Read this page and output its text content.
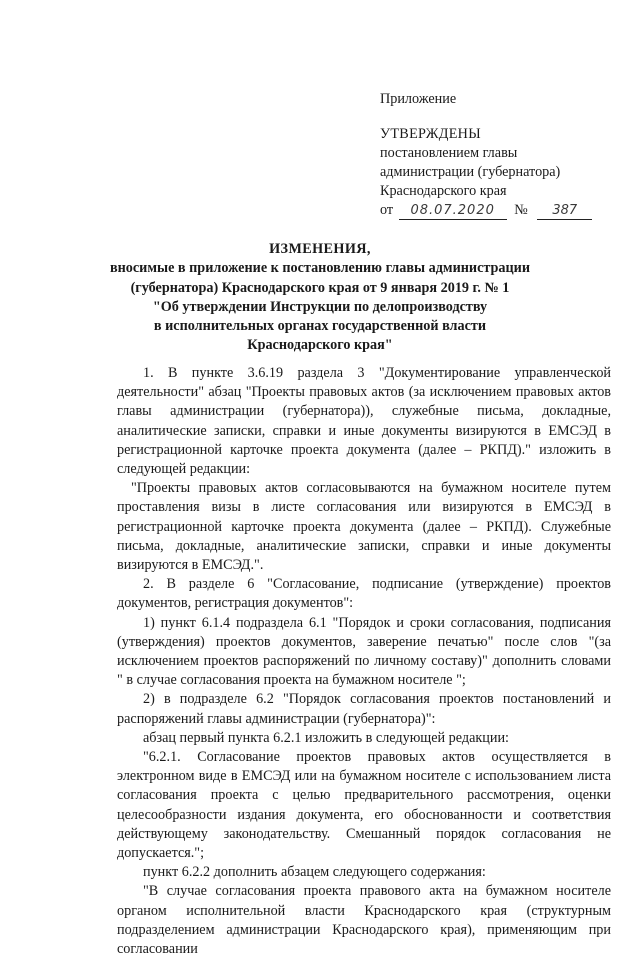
Приложение
УТВЕРЖДЕНЫ
постановлением главы
администрации (губернатора)
Краснодарского края
от 08.07.2020 № 387
ИЗМЕНЕНИЯ,
вносимые в приложение к постановлению главы администрации
(губернатора) Краснодарского края от 9 января 2019 г. № 1
"Об утверждении Инструкции по делопроизводству
в исполнительных органах государственной власти
Краснодарского края"

1. В пункте 3.6.19 раздела 3 "Документирование управленческой деятельности" абзац "Проекты правовых актов (за исключением правовых актов главы администрации (губернатора)), служебные письма, докладные, аналитические записки, справки и иные документы визируются в ЕМСЭД в регистрационной карточке проекта документа (далее – РКПД)." изложить в следующей редакции:

"Проекты правовых актов согласовываются на бумажном носителе путем проставления визы в листе согласования или визируются в ЕМСЭД в регистрационной карточке проекта документа (далее – РКПД). Служебные письма, докладные, аналитические записки, справки и иные документы визируются в ЕМСЭД.".

2. В разделе 6 "Согласование, подписание (утверждение) проектов документов, регистрация документов":

1) пункт 6.1.4 подраздела 6.1 "Порядок и сроки согласования, подписания (утверждения) проектов документов, заверение печатью" после слов "(за исключением проектов распоряжений по личному составу)" дополнить словами " в случае согласования проекта на бумажном носителе ";

2) в подразделе 6.2 "Порядок согласования проектов постановлений и распоряжений главы администрации (губернатора)":

абзац первый пункта 6.2.1 изложить в следующей редакции:

"6.2.1. Согласование проектов правовых актов осуществляется в электронном виде в ЕМСЭД или на бумажном носителе с использованием листа согласования проекта с целью предварительного рассмотрения, оценки целесообразности издания документа, его обоснованности и соответствия действующему законодательству. Смешанный порядок согласования не допускается.";

пункт 6.2.2 дополнить абзацем следующего содержания:

"В случае согласования проекта правового акта на бумажном носителе органом исполнительной власти Краснодарского края (структурным подразделением администрации Краснодарского края), применяющим при согласовании
